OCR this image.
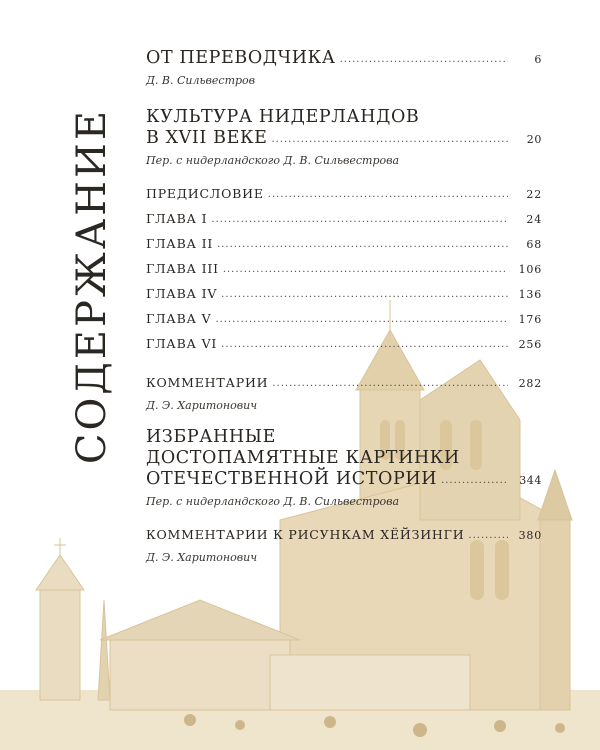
СОДЕРЖАНИЕ
ОТ ПЕРЕВОДЧИКА .....	6
Д. В. Сильвестров
КУЛЬТУРА НИДЕРЛАНДОВ
В XVII ВЕКЕ .....	20
Пер. с нидерландского Д. В. Сильвестрова
ПРЕДИСЛОВИЕ .....	22
ГЛАВА I .....	24
ГЛАВА II .....	68
ГЛАВА III .....	106
ГЛАВА IV .....	136
ГЛАВА V .....	176
ГЛАВА VI .....	256
КОММЕНТАРИИ .....	282
Д. Э. Харитонович
ИЗБРАННЫЕ
ДОСТОПАМЯТНЫЕ КАРТИНКИ
ОТЕЧЕСТВЕННОЙ ИСТОРИИ .....	344
Пер. с нидерландского Д. В. Сильвестрова
КОММЕНТАРИИ К РИСУНКАМ ХЁЙЗИНГИ .....	380
Д. Э. Харитонович
